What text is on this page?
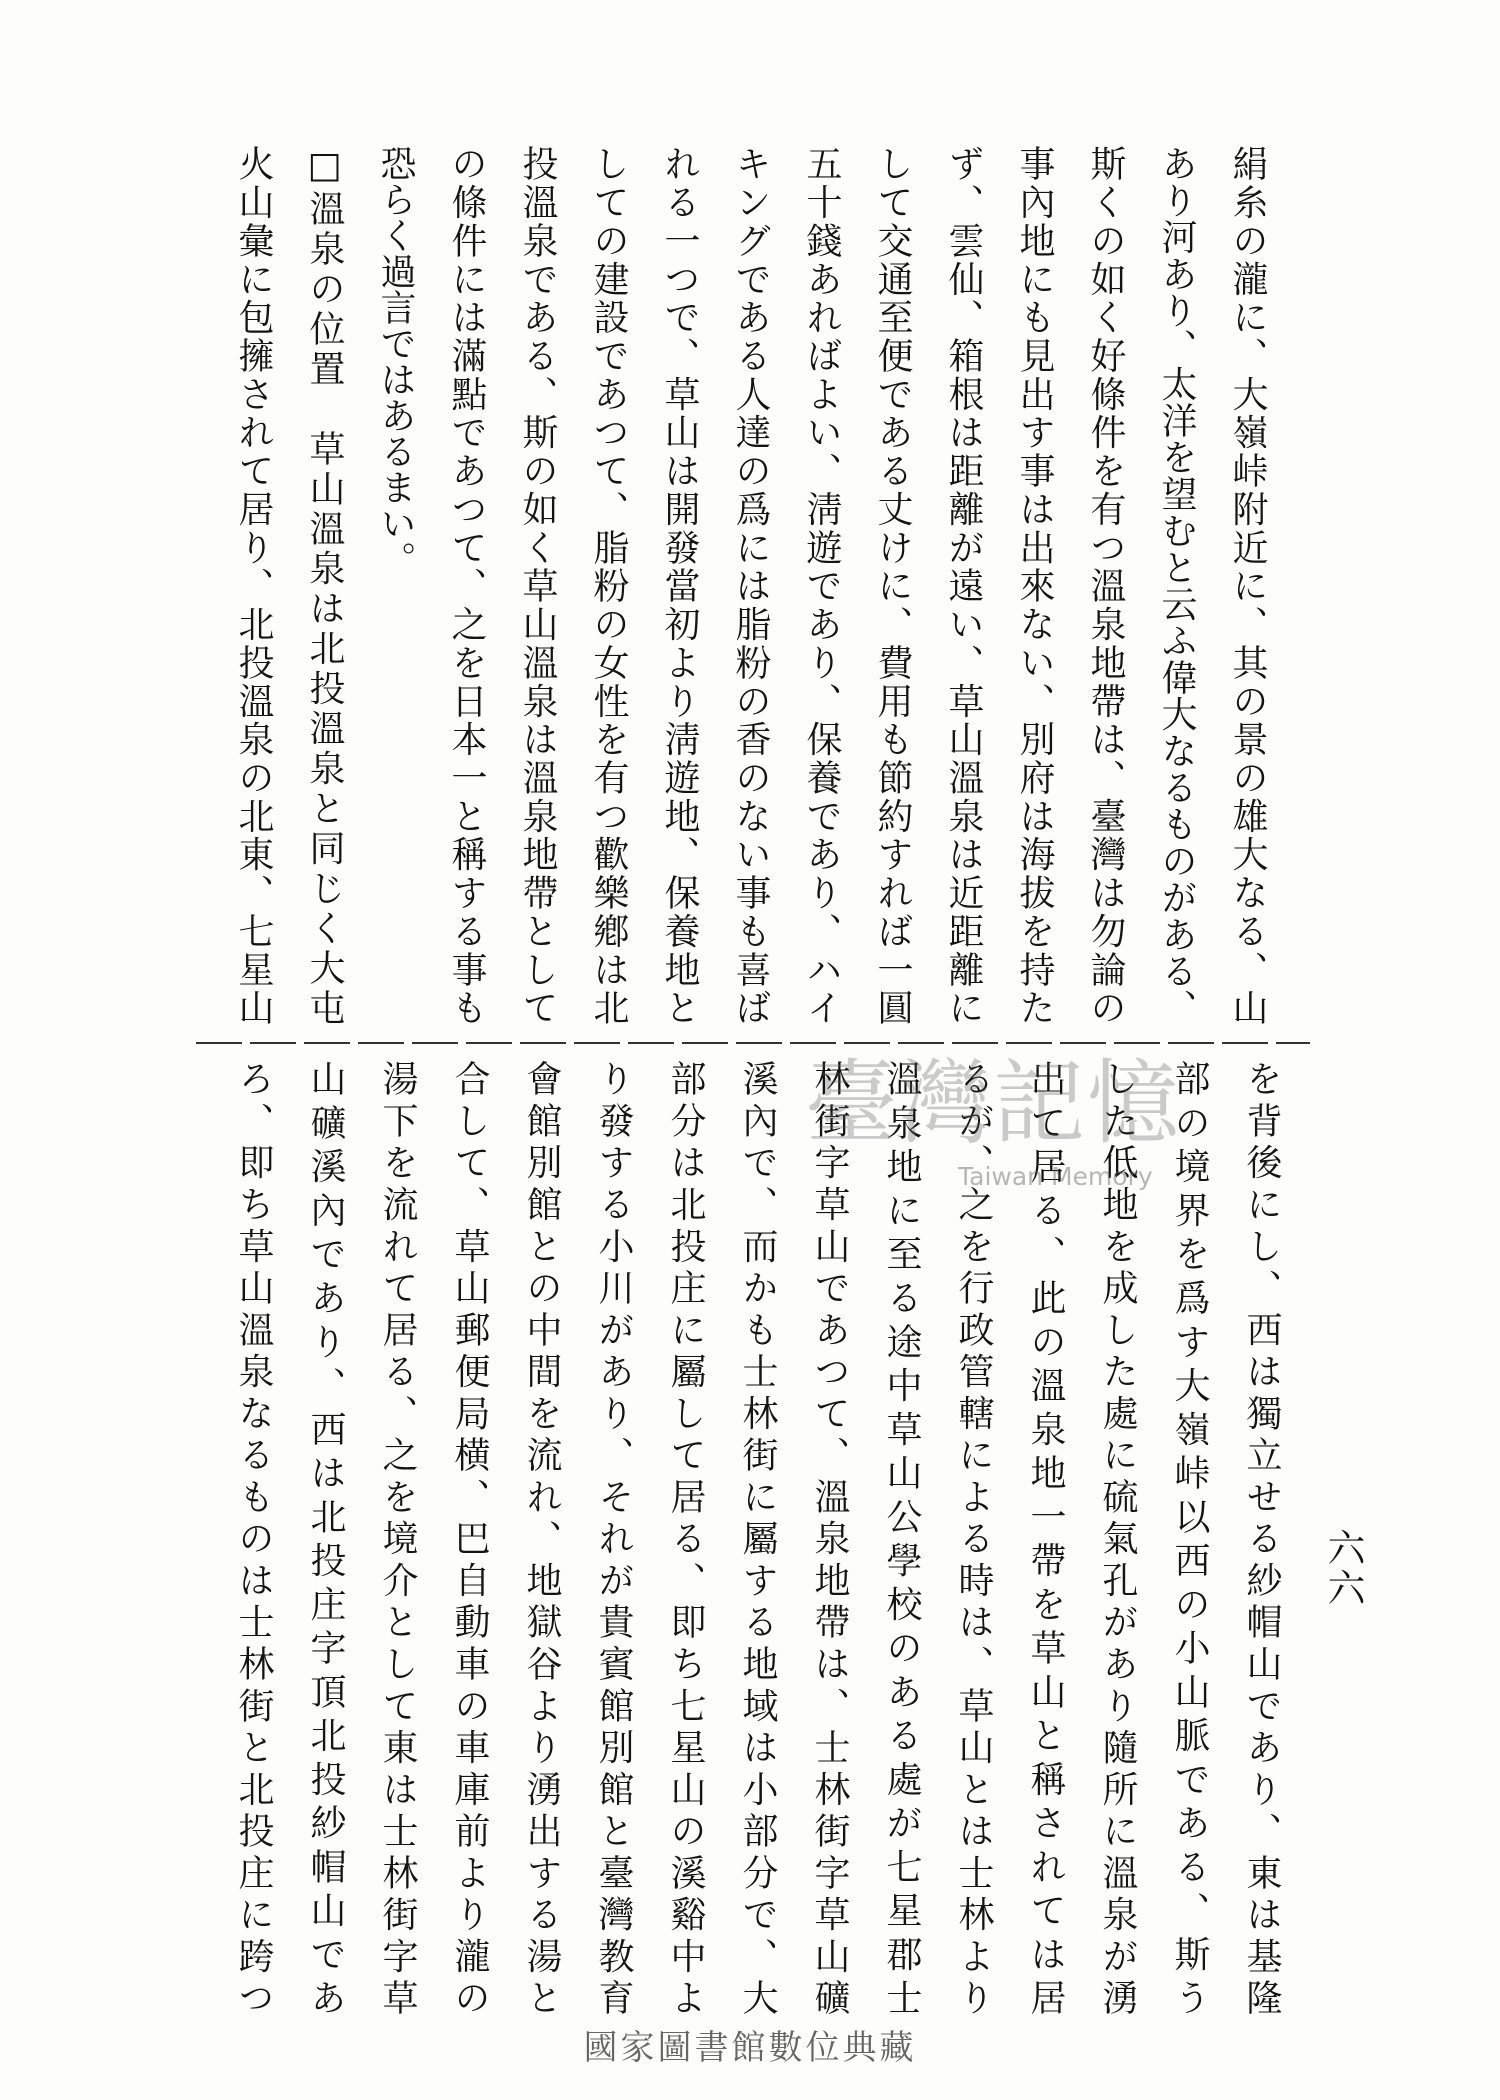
絹糸の瀧に、大嶺峠附近に、其の景の雄大なる、山
あり河あり、太洋を望むと云ふ偉大なるものがある、
斯くの如く好條件を有つ溫泉地帶は、臺灣は勿論の
事內地にも見出す事は出來ない、別府は海拔を持た
ず、雲仙、箱根は距離が遠い、草山溫泉は近距離に
して交通至便である丈けに、費用も節約すれば一圓
五十錢あればよい、淸遊であり、保養であり、ハイ
キングである人達の爲には脂粉の香のない事も喜ば
れる一つで、草山は開發當初より淸遊地、保養地と
しての建設であつて、脂粉の女性を有つ歡樂鄕は北
投溫泉である、斯の如く草山溫泉は溫泉地帶として
の條件には滿點であつて、之を日本一と稱する事も
恐らく過言ではあるまい。
□溫泉の位置　草山溫泉は北投溫泉と同じく大屯
火山彙に包擁されて居り、北投溫泉の北東、七星山
を背後にし、西は獨立せる紗帽山であり、東は基隆
部の境界を爲す大嶺峠以西の小山脈である、斯う
した低地を成した處に硫氣孔があり隨所に溫泉が湧
出て居る、此の溫泉地一帶を草山と稱されては居
るが、之を行政管轄による時は、草山とは士林より
溫泉地に至る途中草山公學校のある處が七星郡士
林街字草山であつて、溫泉地帶は、士林街字草山礦
溪內で、而かも士林街に屬する地域は小部分で、大
部分は北投庄に屬して居る、即ち七星山の溪谿中よ
り發する小川があり、それが貴賓館別館と臺灣教育
會館別館との中間を流れ、地獄谷より湧出する湯と
合して、草山郵便局横、巴自動車の車庫前より瀧の
湯下を流れて居る、之を境介として東は士林街字草
山礦溪內であり、西は北投庄字頂北投紗帽山であ
ろ、即ち草山溫泉なるものは士林街と北投庄に跨つ	六六
臺灣記憶
Taiwan Memory
國家圖書館數位典藏
